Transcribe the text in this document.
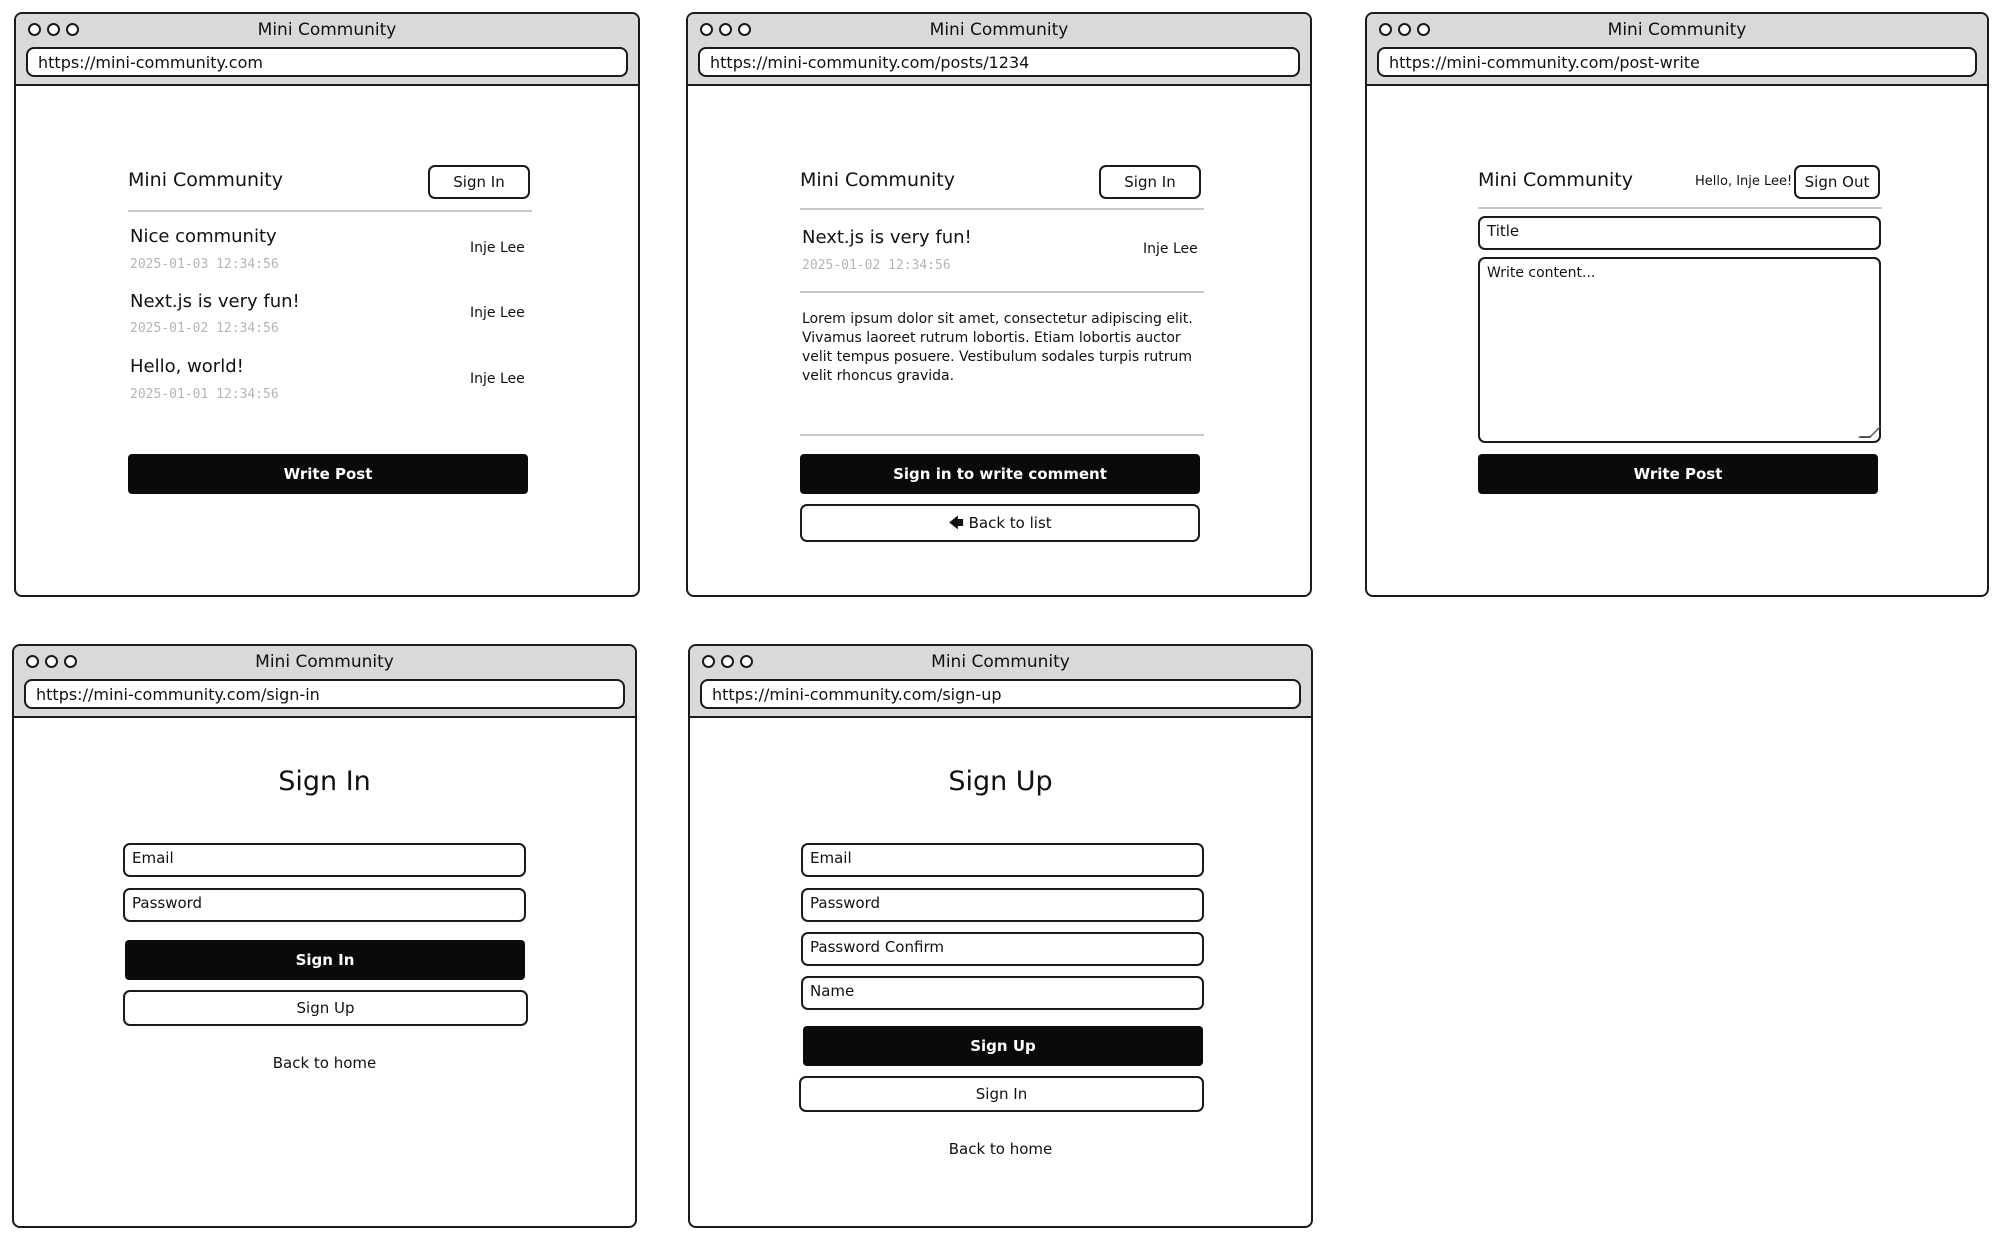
Mini Community
https://mini-community.com
Mini Community	Sign In
Nice community
2025-01-03 12:34:56
Inje Lee
Next.js is very fun!
2025-01-02 12:34:56
Inje Lee
Hello, world!
2025-01-01 12:34:56
Inje Lee
Write Post
Mini Community
https://mini-community.com/posts/1234
Mini Community	Sign In
Next.js is very fun!
2025-01-02 12:34:56
Inje Lee
Lorem ipsum dolor sit amet, consectetur adipiscing elit. Vivamus laoreet rutrum lobortis. Etiam lobortis auctor velit tempus posuere. Vestibulum sodales turpis rutrum velit rhoncus gravida.
Sign in to write comment
🡄 Back to list
Mini Community
https://mini-community.com/post-write
Mini Community	Hello, Inje Lee! Sign Out
Title
Write content...
Write Post
Mini Community
https://mini-community.com/sign-in
Sign In
Email
Password
Sign In
Sign Up
Back to home
Mini Community
https://mini-community.com/sign-up
Sign Up
Email
Password
Password Confirm
Name
Sign Up
Sign In
Back to home
